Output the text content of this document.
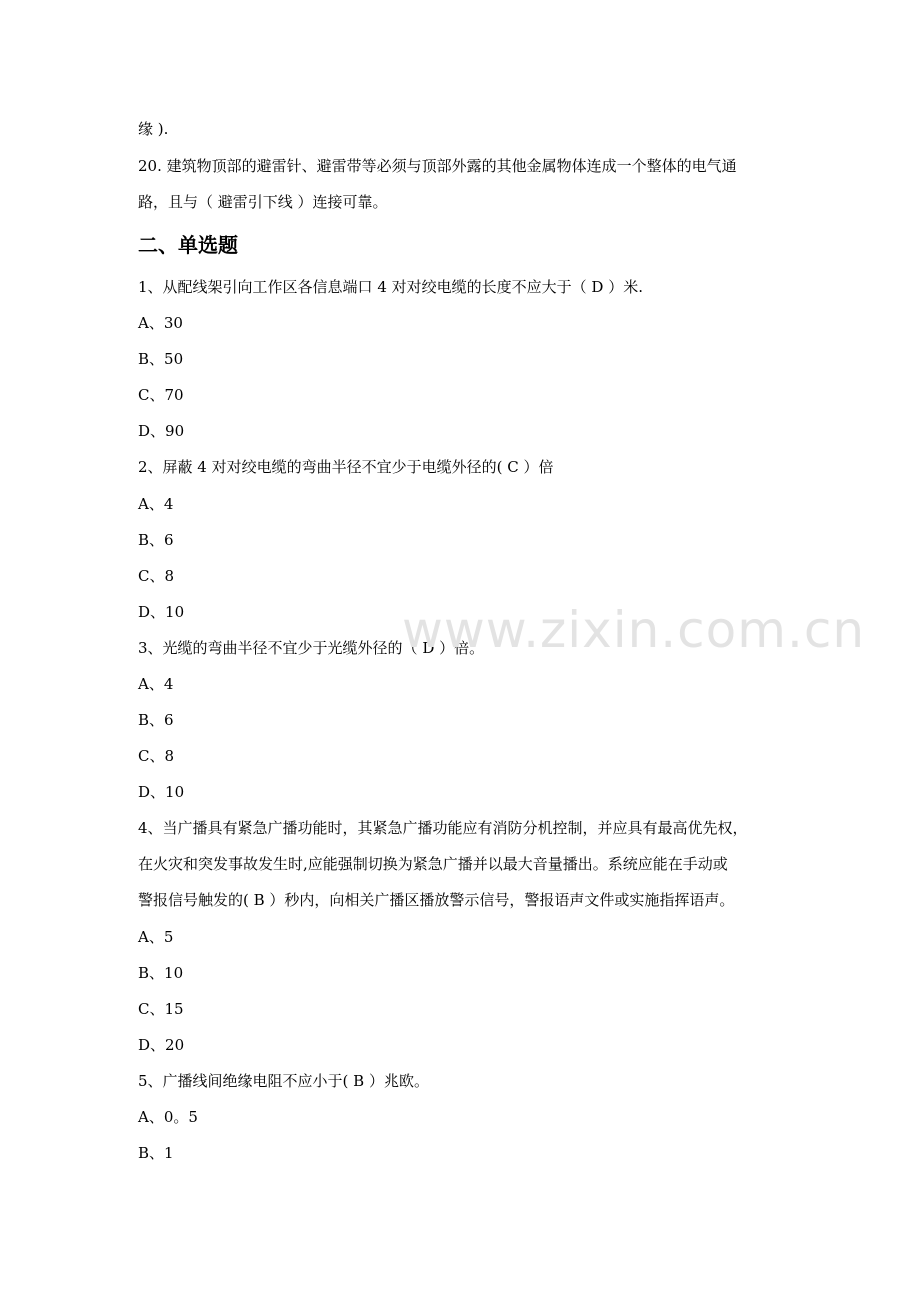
缘 ).
20. 建筑物顶部的避雷针、避雷带等必须与顶部外露的其他金属物体连成一个整体的电气通
路，且与（ 避雷引下线 ）连接可靠。
二、单选题
1、从配线架引向工作区各信息端口 4 对对绞电缆的长度不应大于（ D ）米.
A、30
B、50
C、70
D、90
2、屏蔽 4 对对绞电缆的弯曲半径不宜少于电缆外径的( C ）倍
A、4
B、6
C、8
D、10
3、光缆的弯曲半径不宜少于光缆外径的（ D ）倍。
A、4
B、6
C、8
D、10
4、当广播具有紧急广播功能时，其紧急广播功能应有消防分机控制，并应具有最高优先权，
在火灾和突发事故发生时,应能强制切换为紧急广播并以最大音量播出。系统应能在手动或
警报信号触发的( B ）秒内，向相关广播区播放警示信号，警报语声文件或实施指挥语声。
A、5
B、10
C、15
D、20
5、广播线间绝缘电阻不应小于( B ）兆欧。
A、0。5
B、1
www.zixin.com.cn
